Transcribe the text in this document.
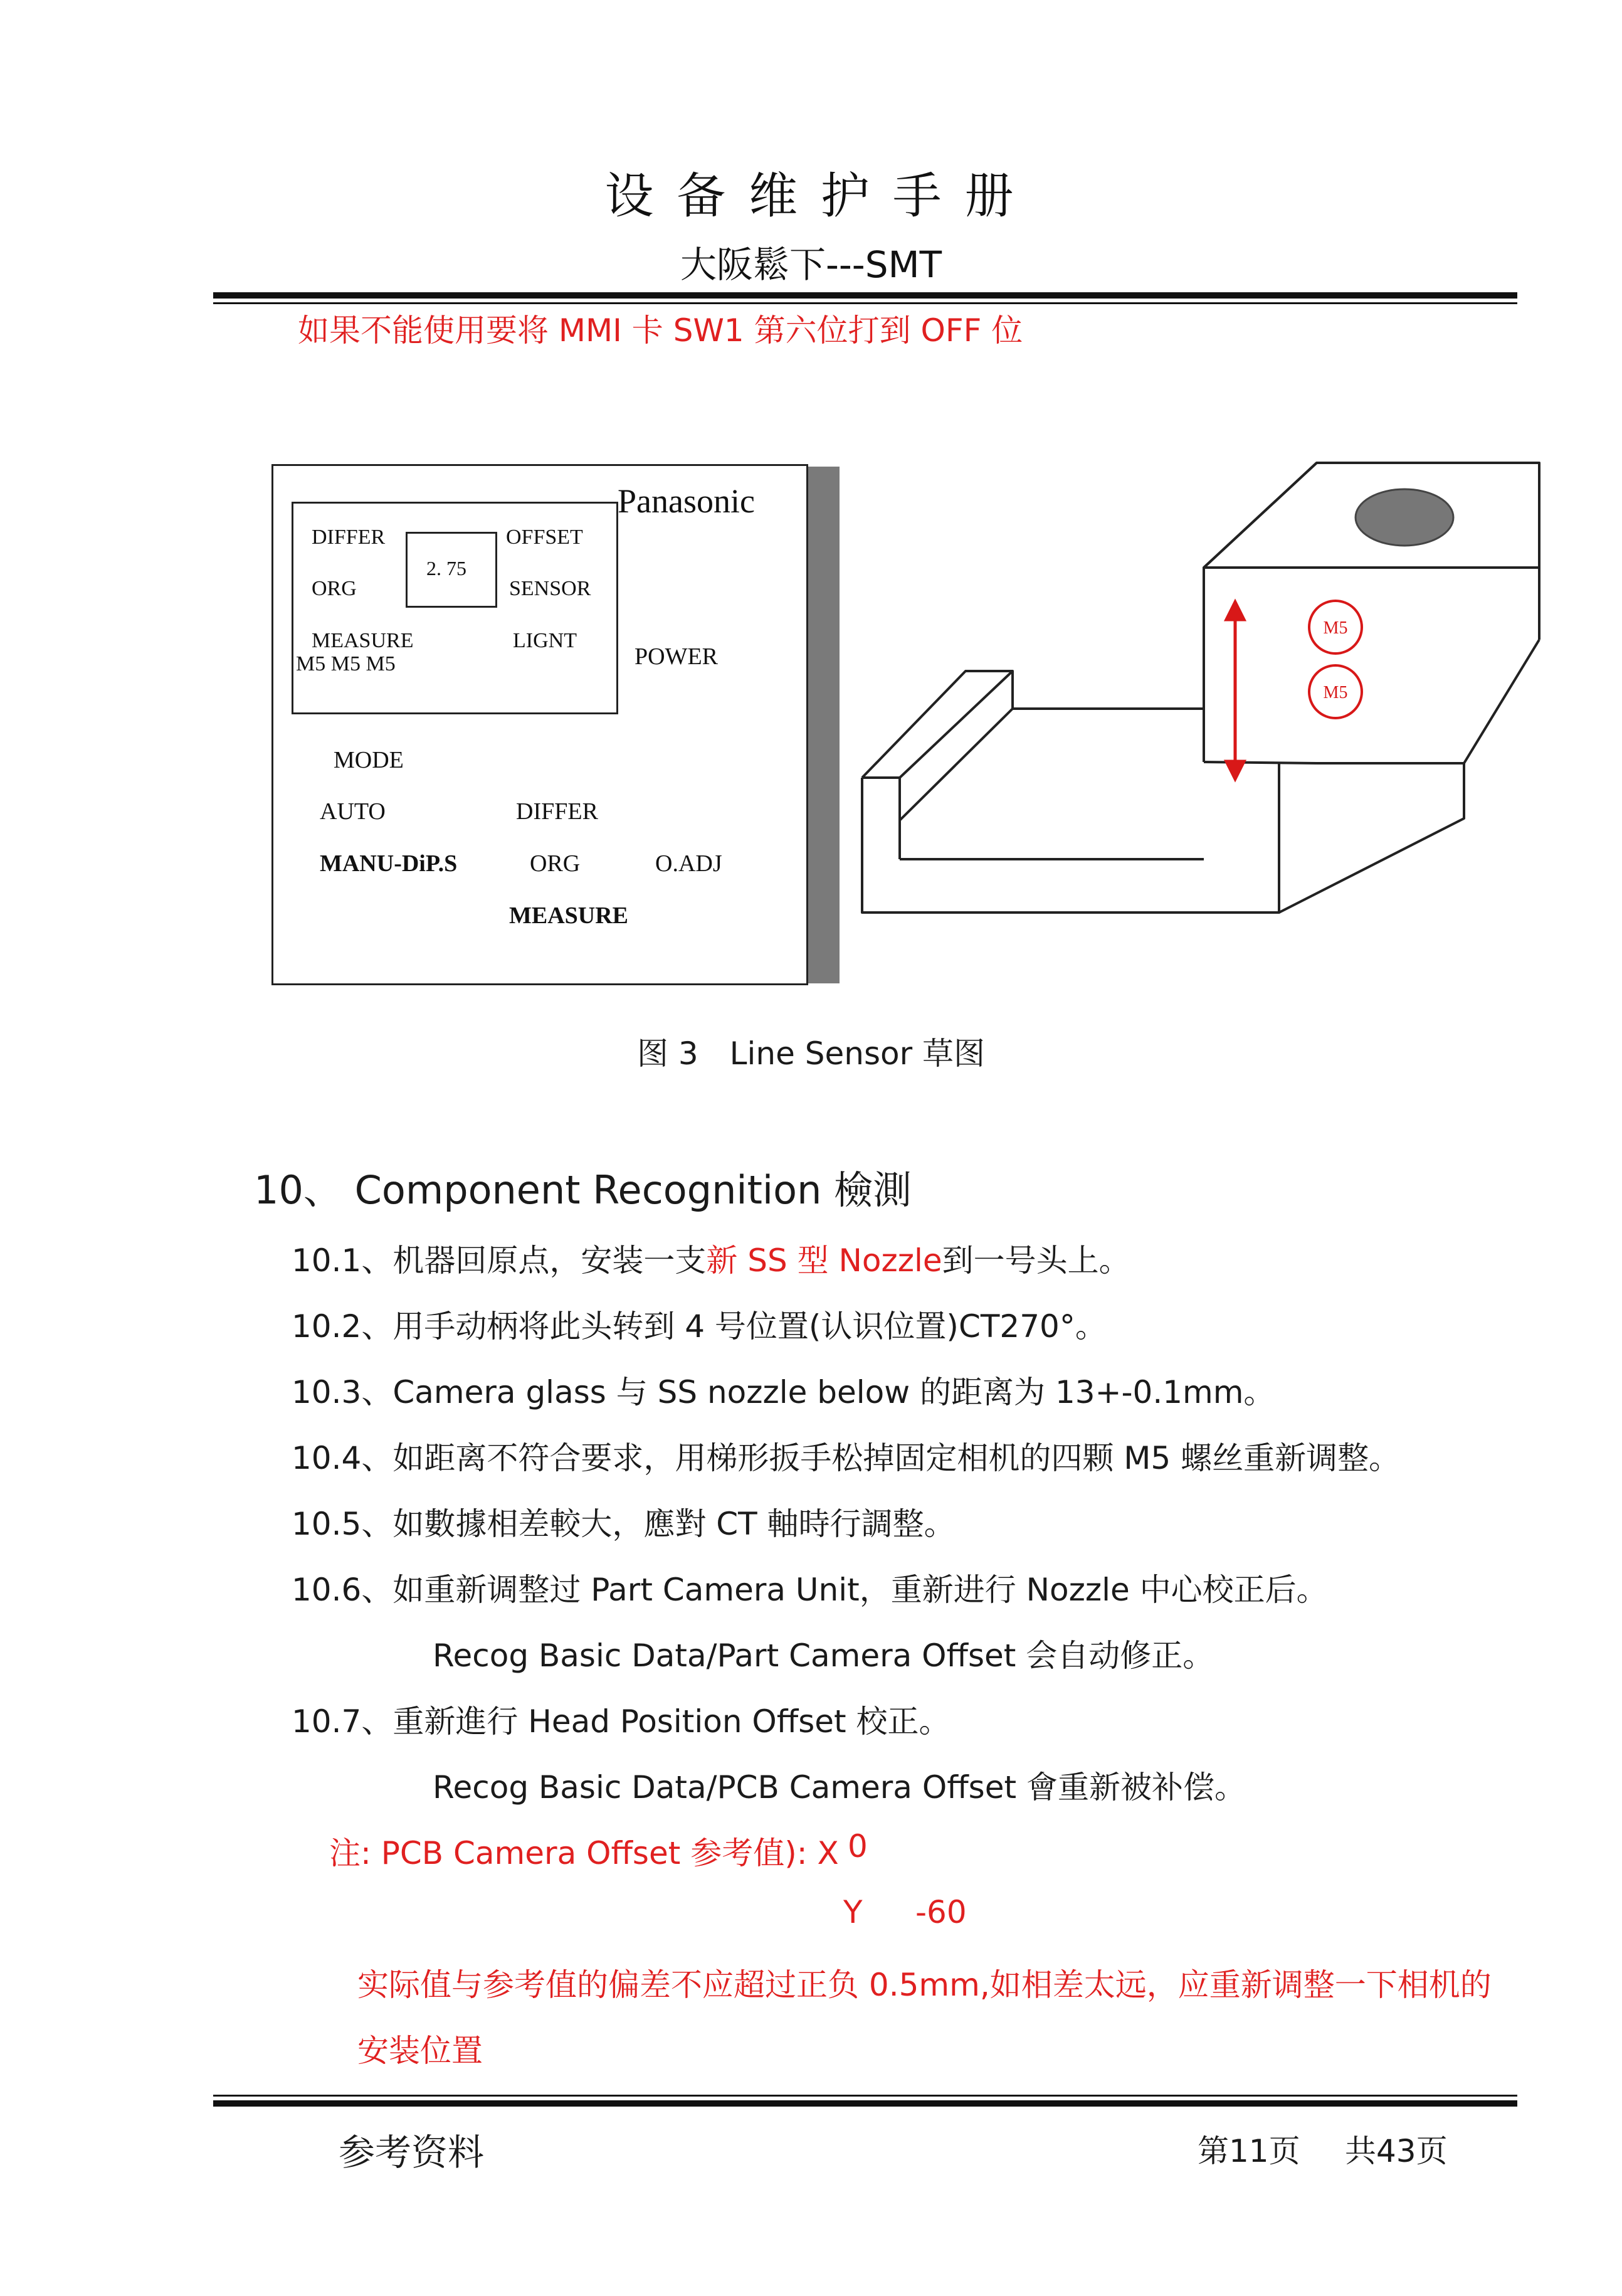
设 备 维 护 手 册
大阪鬆下---SMT
如果不能使用要将 MMI 卡 SW1 第六位打到 OFF 位
Panasonic
2. 75
DIFFER	OFFSET
ORG	SENSOR
MEASURE	LIGNT
M5 M5 M5	POWER
MODE
AUTO	DIFFER
MANU-DiP.S	ORG	O.ADJ
MEASURE
M5
M5
图 3　Line Sensor 草图
10、 Component Recognition 檢測
10.1、机器回原点，安装一支新 SS 型 Nozzle到一号头上。
10.2、用手动柄将此头转到 4 号位置(认识位置)CT270°。
10.3、Camera glass 与 SS nozzle below 的距离为 13+-0.1mm。
10.4、如距离不符合要求，用梯形扳手松掉固定相机的四颗 M5 螺丝重新调整。
10.5、如數據相差較大，應對 CT 軸時行調整。
10.6、如重新调整过 Part Camera Unit，重新进行 Nozzle 中心校正后。
Recog Basic Data/Part Camera Offset 会自动修正。
10.7、重新進行 Head Position Offset 校正。
Recog Basic Data/PCB Camera Offset 會重新被补偿。
注: PCB Camera Offset 参考值): X 0
Y -60
实际值与参考值的偏差不应超过正负 0.5mm,如相差太远，应重新调整一下相机的
安装位置
参考资料	第11页 共43页
